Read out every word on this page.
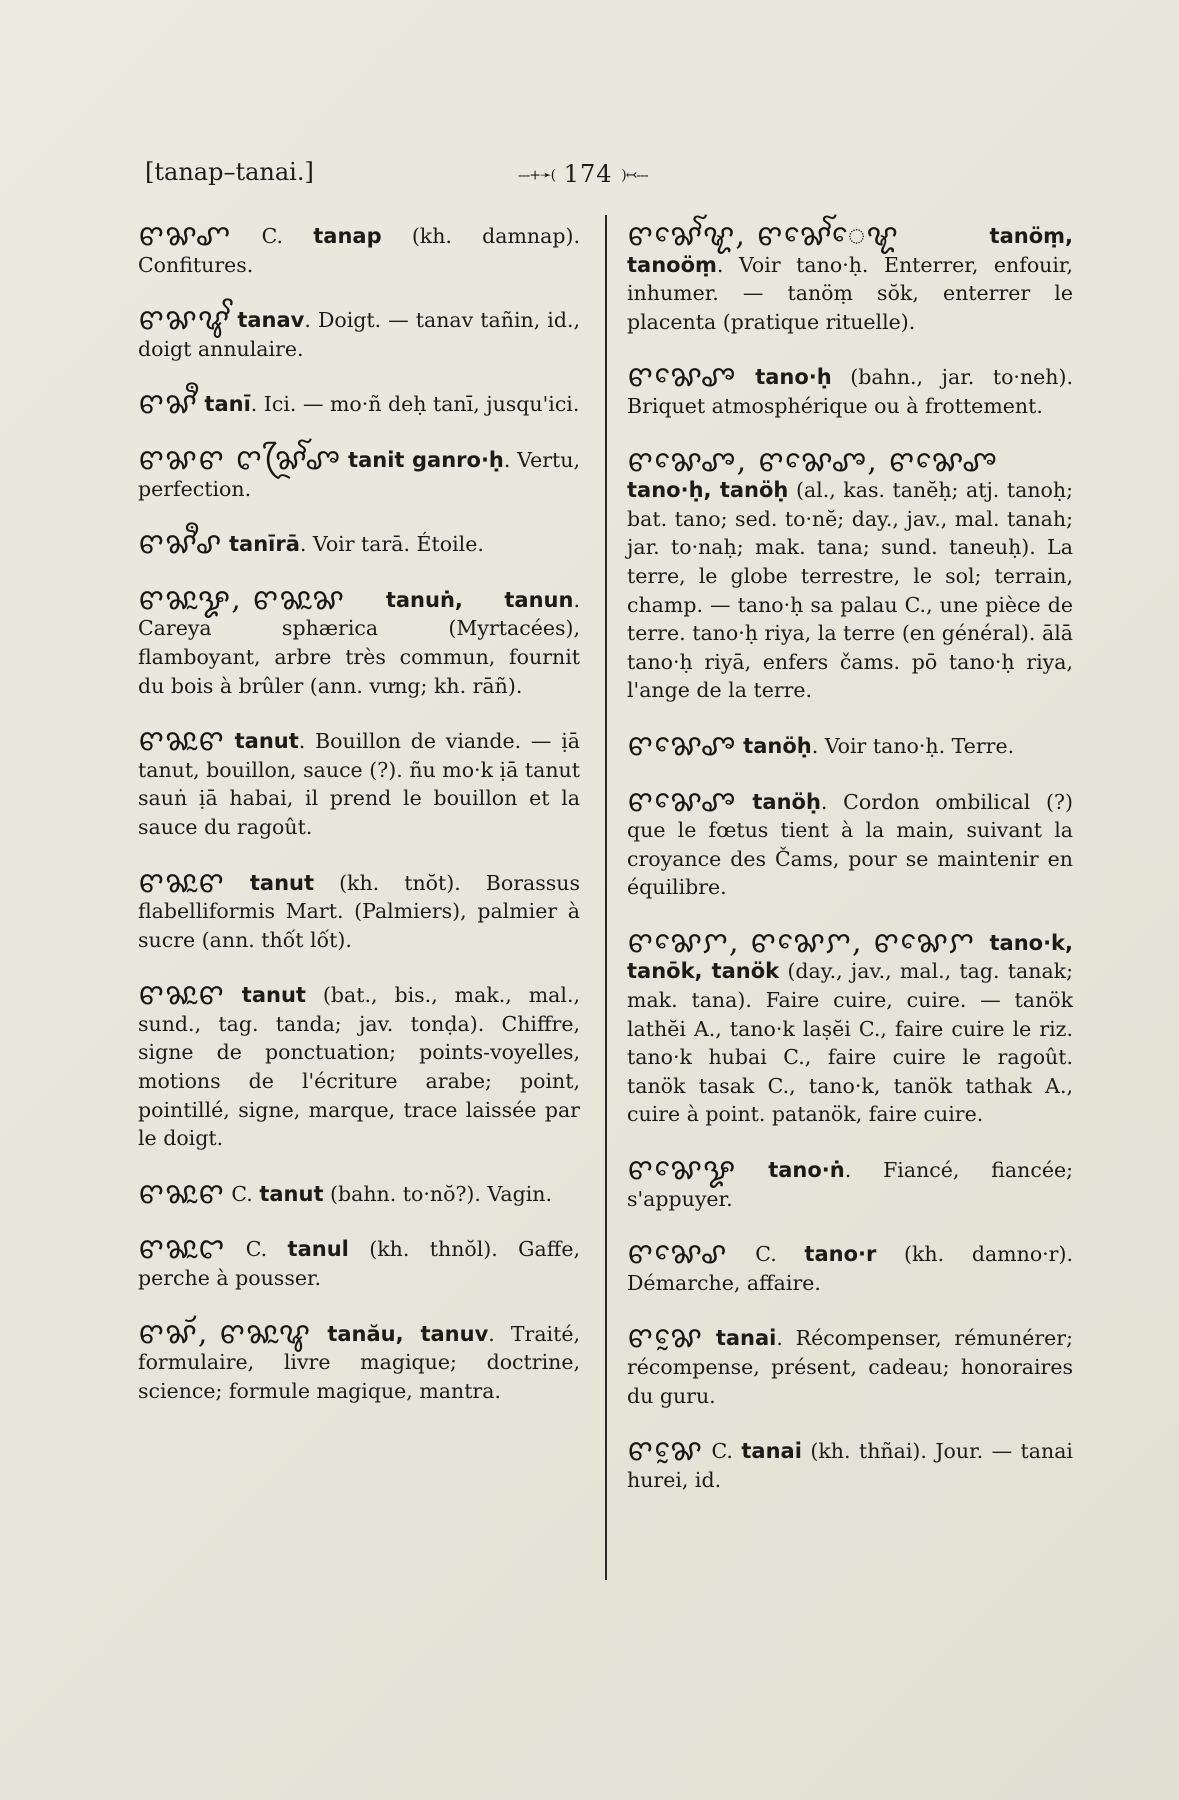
[tanap–tanai.]	---+➛( 174 )↢---
ꨓꨗꨚ C. tanap (kh. damnap). Confitures.
ꨓꨗꨥꨩ tanav. Doigt. — tanav tañin, id., doigt annulaire.
ꨓꨗꨫ tanī. Ici. — mo·ñ deḥ tanī, jusqu'ici.
ꨓꨗꨓ ꨈꨗꨴꨱꨨ tanit ganro·ḥ. Vertu, perfection.
ꨓꨗꨫꨣ tanīrā. Voir tarā. Étoile.
ꨓꨗꨭꨋ, ꨓꨗꨭꨗ tanuṅ, tanun. Careya sphærica (Myrtacées), flamboyant, arbre très commun, fournit du bois à brûler (ann. vưng; kh. rāñ).
ꨓꨗꨭꨓ tanut. Bouillon de viande. — ịā tanut, bouillon, sauce (?). ñu mo·k ịā tanut sauṅ ịā habai, il prend le bouillon et la sauce du ragoût.
ꨓꨗꨭꨓ tanut (kh. tnŏt). Borassus flabelliformis Mart. (Palmiers), palmier à sucre (ann. thốt lốt).
ꨓꨗꨭꨓ tanut (bat., bis., mak., mal., sund., tag. tanda; jav. tonḍa). Chiffre, signe de ponctuation; points-voyelles, motions de l'écriture arabe; point, pointillé, signe, marque, trace laissée par le doigt.
ꨓꨗꨭꨓ C. tanut (bahn. to·nŏ?). Vagin.
ꨓꨗꨭꨤ C. tanul (kh. thnŏl). Gaffe, perche à pousser.
ꨓꨗꨮ, ꨓꨗꨭꨥ tanău, tanuv. Traité, formulaire, livre magique; doctrine, science; formule magique, mantra.
ꨓꨗꨯꨱꨠ, ꨓꨗꨯꨱꨯꨠ	tanöṃ, tanoöṃ. Voir tano·ḥ. Enterrer, enfouir, inhumer. — tanöṃ sŏk, enterrer le placenta (pratique rituelle).
ꨓꨗꨯꨨ tano·ḥ (bahn., jar. to·neh). Briquet atmosphérique ou à frottement.
ꨓꨗꨯꨨ, ꨓꨗꨯꨨ, ꨓꨗꨯꨨ tano·ḥ, tanöḥ (al., kas. tanĕḥ; atj. tanoḥ; bat. tano; sed. to·nĕ; day., jav., mal. tanah; jar. to·naḥ; mak. tana; sund. taneuḥ). La terre, le globe terrestre, le sol; terrain, champ. — tano·ḥ sa palau C., une pièce de terre. tano·ḥ riya, la terre (en général). ālā tano·ḥ riyā, enfers čams. pō tano·ḥ riya, l'ange de la terre.
ꨓꨗꨯꨨ tanöḥ. Voir tano·ḥ. Terre.
ꨓꨗꨯꨨ tanöḥ. Cordon ombilical (?) que le fœtus tient à la main, suivant la croyance des Čams, pour se maintenir en équilibre.
ꨓꨗꨯꨆ, ꨓꨗꨯꨆ, ꨓꨗꨯꨆ tano·k, tanōk, tanök (day., jav., mal., tag. tanak; mak. tana). Faire cuire, cuire. — tanök lathĕi A., tano·k laṣĕi C., faire cuire le riz. tano·k hubai C., faire cuire le ragoût. tanök tasak C., tano·k, tanök tathak A., cuire à point. patanök, faire cuire.
ꨓꨗꨯꨋ tano·ṅ. Fiancé, fiancée; s'appuyer.
ꨓꨗꨯꨣ C. tano·r (kh. damno·r). Démarche, affaire.
ꨓꨗꨰ tanai. Récompenser, rémunérer; récompense, présent, cadeau; honoraires du guru.
ꨓꨗꨰ C. tanai (kh. thñai). Jour. — tanai hurei, id.
